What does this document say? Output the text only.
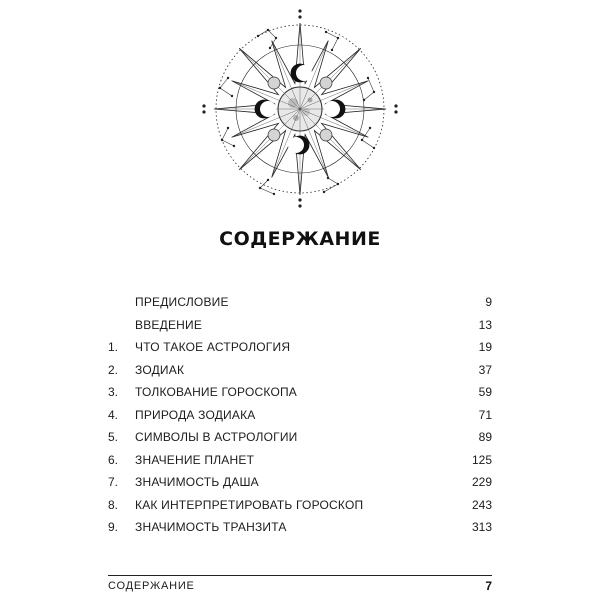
СОДЕРЖАНИЕ
ПРЕДИСЛОВИЕ	9
ВВЕДЕНИЕ	13
1. ЧТО ТАКОЕ АСТРОЛОГИЯ	19
2. ЗОДИАК	37
3. ТОЛКОВАНИЕ ГОРОСКОПА	59
4. ПРИРОДА ЗОДИАКА	71
5. СИМВОЛЫ В АСТРОЛОГИИ	89
6. ЗНАЧЕНИЕ ПЛАНЕТ	125
7. ЗНАЧИМОСТЬ ДАША	229
8. КАК ИНТЕРПРЕТИРОВАТЬ ГОРОСКОП	243
9. ЗНАЧИМОСТЬ ТРАНЗИТА	313
СОДЕРЖАНИЕ	7
